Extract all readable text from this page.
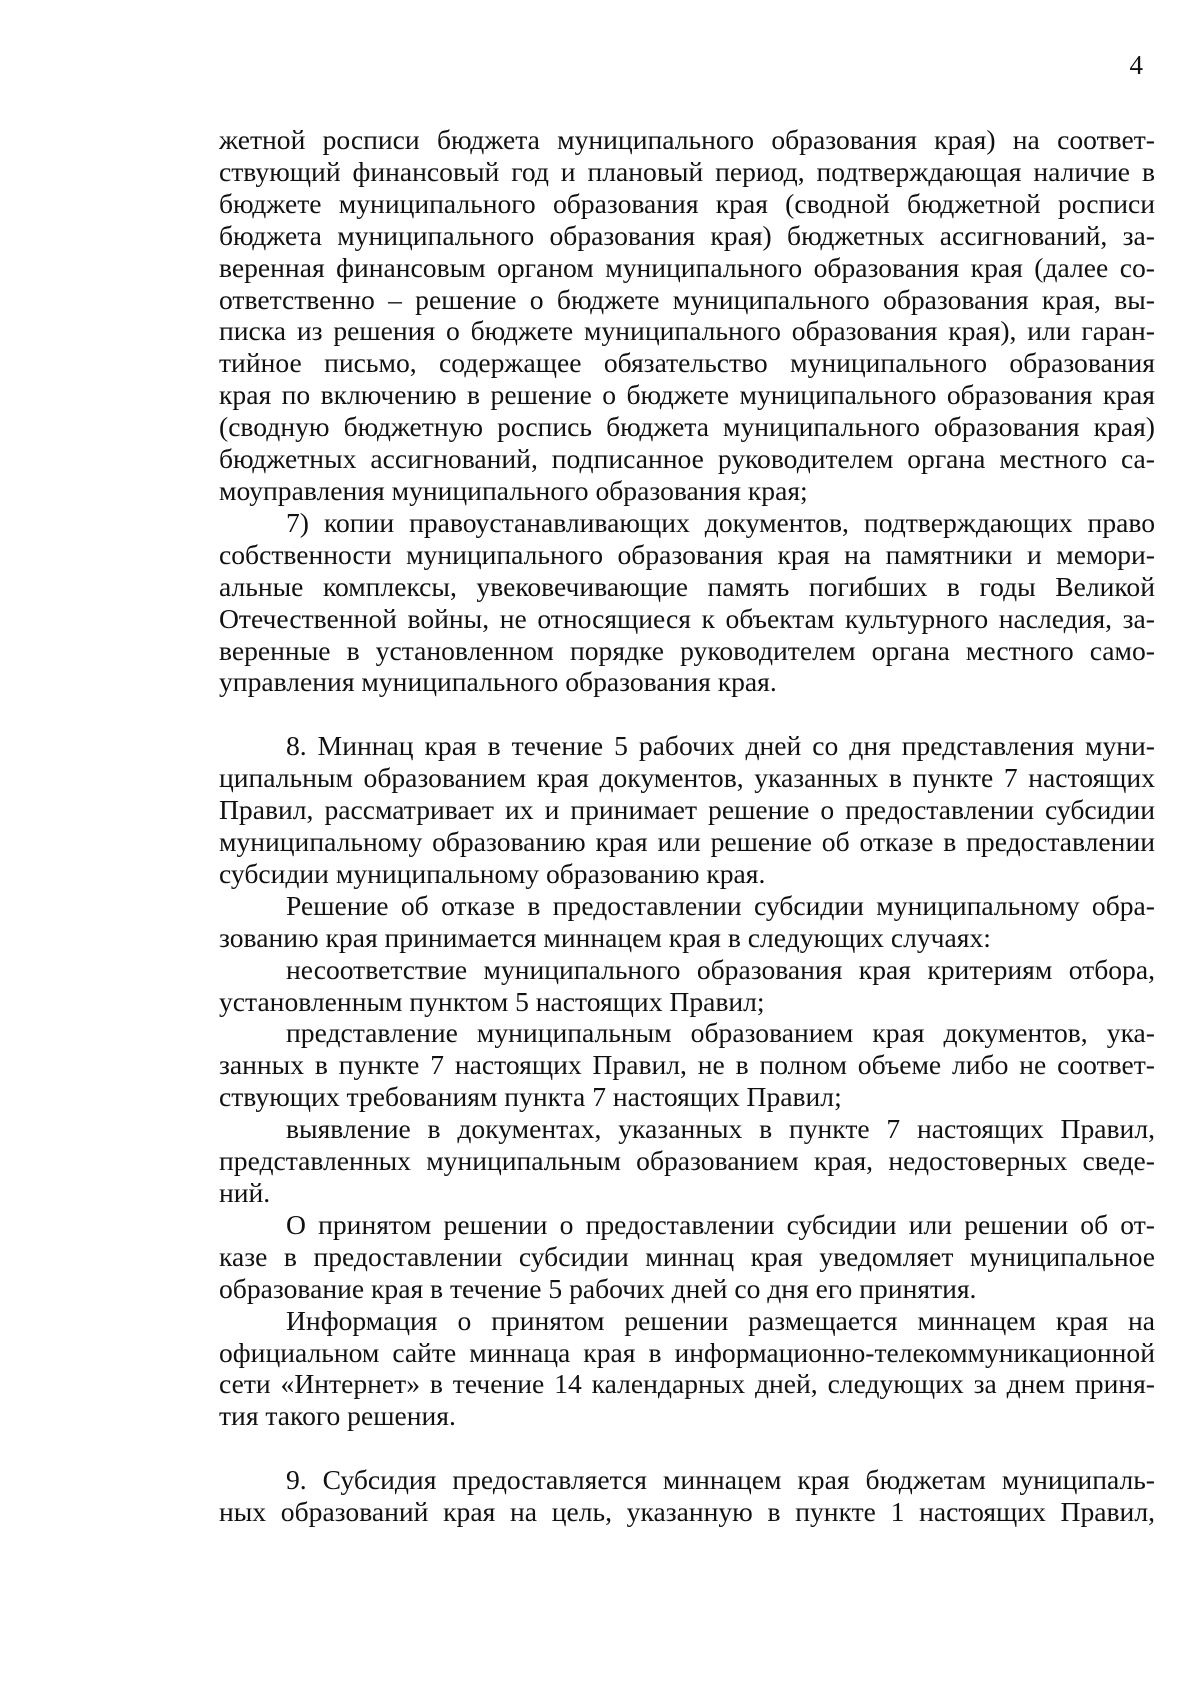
4
жетной росписи бюджета муниципального образования края) на соответ-
ствующий финансовый год и плановый период, подтверждающая наличие в
бюджете муниципального образования края (сводной бюджетной росписи
бюджета муниципального образования края) бюджетных ассигнований, за-
веренная финансовым органом муниципального образования края (далее со-
ответственно – решение о бюджете муниципального образования края, вы-
писка из решения о бюджете муниципального образования края), или гаран-
тийное письмо, содержащее обязательство муниципального образования
края по включению в решение о бюджете муниципального образования края
(сводную бюджетную роспись бюджета муниципального образования края)
бюджетных ассигнований, подписанное руководителем органа местного са-
моуправления муниципального образования края;
7) копии правоустанавливающих документов, подтверждающих право
собственности муниципального образования края на памятники и мемори-
альные комплексы, увековечивающие память погибших в годы Великой
Отечественной войны, не относящиеся к объектам культурного наследия, за-
веренные в установленном порядке руководителем органа местного само-
управления муниципального образования края.
8. Миннац края в течение 5 рабочих дней со дня представления муни-
ципальным образованием края документов, указанных в пункте 7 настоящих
Правил, рассматривает их и принимает решение о предоставлении субсидии
муниципальному образованию края или решение об отказе в предоставлении
субсидии муниципальному образованию края.
Решение об отказе в предоставлении субсидии муниципальному обра-
зованию края принимается миннацем края в следующих случаях:
несоответствие муниципального образования края критериям отбора,
установленным пунктом 5 настоящих Правил;
представление муниципальным образованием края документов, ука-
занных в пункте 7 настоящих Правил, не в полном объеме либо не соответ-
ствующих требованиям пункта 7 настоящих Правил;
выявление в документах, указанных в пункте 7 настоящих Правил,
представленных муниципальным образованием края, недостоверных сведе-
ний.
О принятом решении о предоставлении субсидии или решении об от-
казе в предоставлении субсидии миннац края уведомляет муниципальное
образование края в течение 5 рабочих дней со дня его принятия.
Информация о принятом решении размещается миннацем края на
официальном сайте миннаца края в информационно-телекоммуникационной
сети «Интернет» в течение 14 календарных дней, следующих за днем приня-
тия такого решения.
9. Субсидия предоставляется миннацем края бюджетам муниципаль-
ных образований края на цель, указанную в пункте 1 настоящих Правил,
